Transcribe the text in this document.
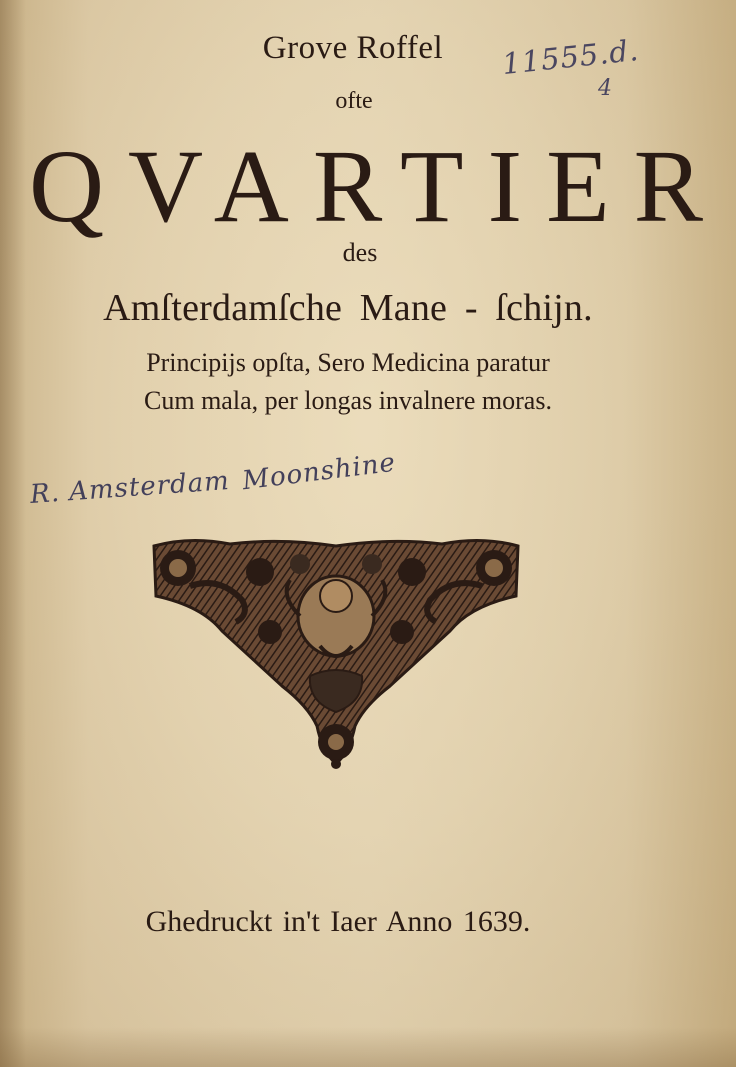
Grove Roffel
ofte
QVARTIER
des
Amſterdamſche Mane - ſchijn.
Principijs opſta, Sero Medicina paratur
Cum mala, per longas invalnere moras.
11555.d.
4
R. Amsterdam Moonshine
Ghedruckt in't Iaer Anno 1639.
